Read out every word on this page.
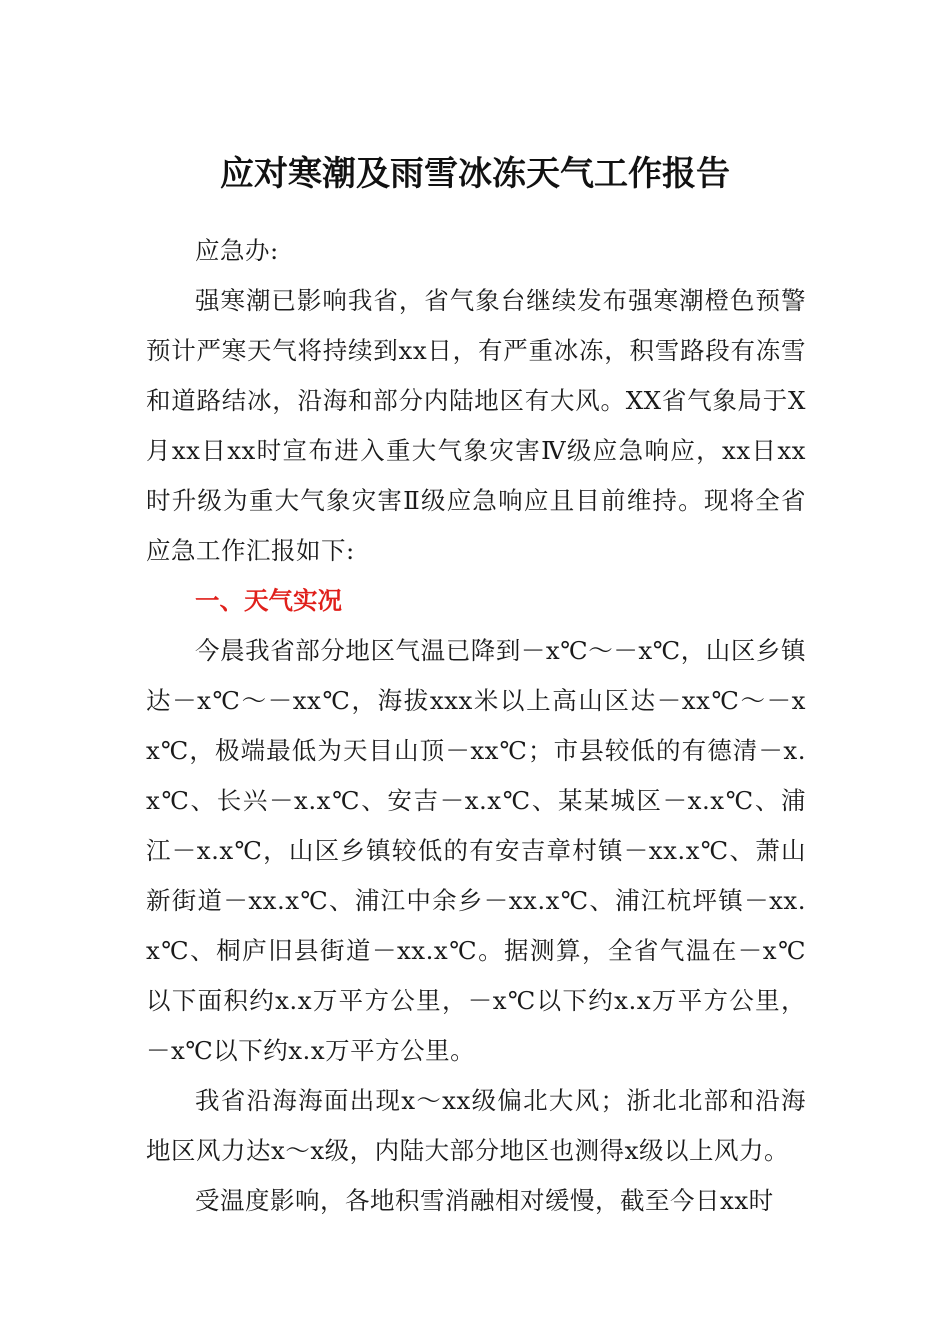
应对寒潮及雨雪冰冻天气工作报告

应急办:

强寒潮已影响我省，省气象台继续发布强寒潮橙色预警预计严寒天气将持续到xx日，有严重冰冻，积雪路段有冻雪和道路结冰，沿海和部分内陆地区有大风。XX省气象局于X月xx日xx时宣布进入重大气象灾害Ⅳ级应急响应，xx日xx时升级为重大气象灾害Ⅱ级应急响应且目前维持。现将全省应急工作汇报如下:

一、天气实况

今晨我省部分地区气温已降到－x℃～－x℃，山区乡镇达－x℃～－xx℃，海拔xxx米以上高山区达－xx℃～－xx℃，极端最低为天目山顶－xx℃；市县较低的有德清－x.x℃、长兴－x.x℃、安吉－x.x℃、某某城区－x.x℃、浦江－x.x℃，山区乡镇较低的有安吉章村镇－xx.x℃、萧山新街道－xx.x℃、浦江中余乡－xx.x℃、浦江杭坪镇－xx.x℃、桐庐旧县街道－xx.x℃。据测算，全省气温在－x℃以下面积约x.x万平方公里，－x℃以下约x.x万平方公里，－x℃以下约x.x万平方公里。

我省沿海海面出现x～xx级偏北大风；浙北北部和沿海地区风力达x～x级，内陆大部分地区也测得x级以上风力。

受温度影响，各地积雪消融相对缓慢，截至今日xx时
